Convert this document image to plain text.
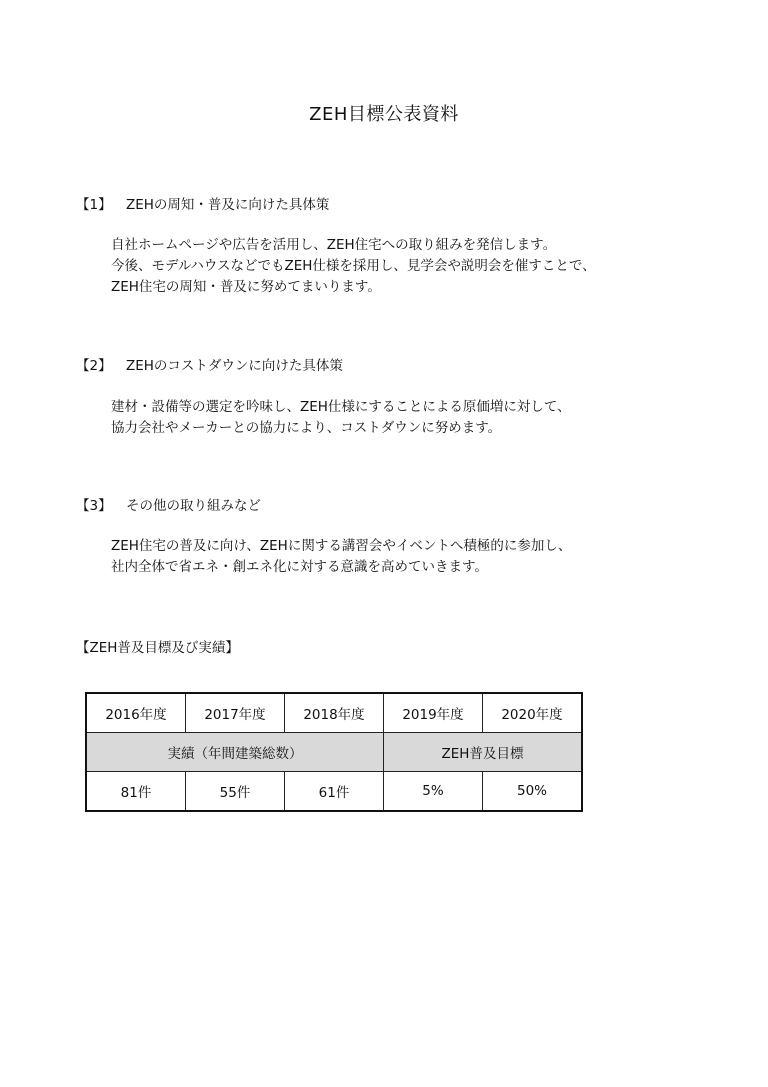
ZEH目標公表資料
【1】 ZEHの周知・普及に向けた具体策
自社ホームページや広告を活用し、ZEH住宅への取り組みを発信します。
今後、モデルハウスなどでもZEH仕様を採用し、見学会や説明会を催すことで、
ZEH住宅の周知・普及に努めてまいります。
【2】 ZEHのコストダウンに向けた具体策
建材・設備等の選定を吟味し、ZEH仕様にすることによる原価増に対して、
協力会社やメーカーとの協力により、コストダウンに努めます。
【3】 その他の取り組みなど
ZEH住宅の普及に向け、ZEHに関する講習会やイベントへ積極的に参加し、
社内全体で省エネ・創エネ化に対する意識を高めていきます。
【ZEH普及目標及び実績】
2016年度	2017年度	2018年度	2019年度	2020年度
実績（年間建築総数）			ZEH普及目標	
81件	55件	61件	5%	50%
